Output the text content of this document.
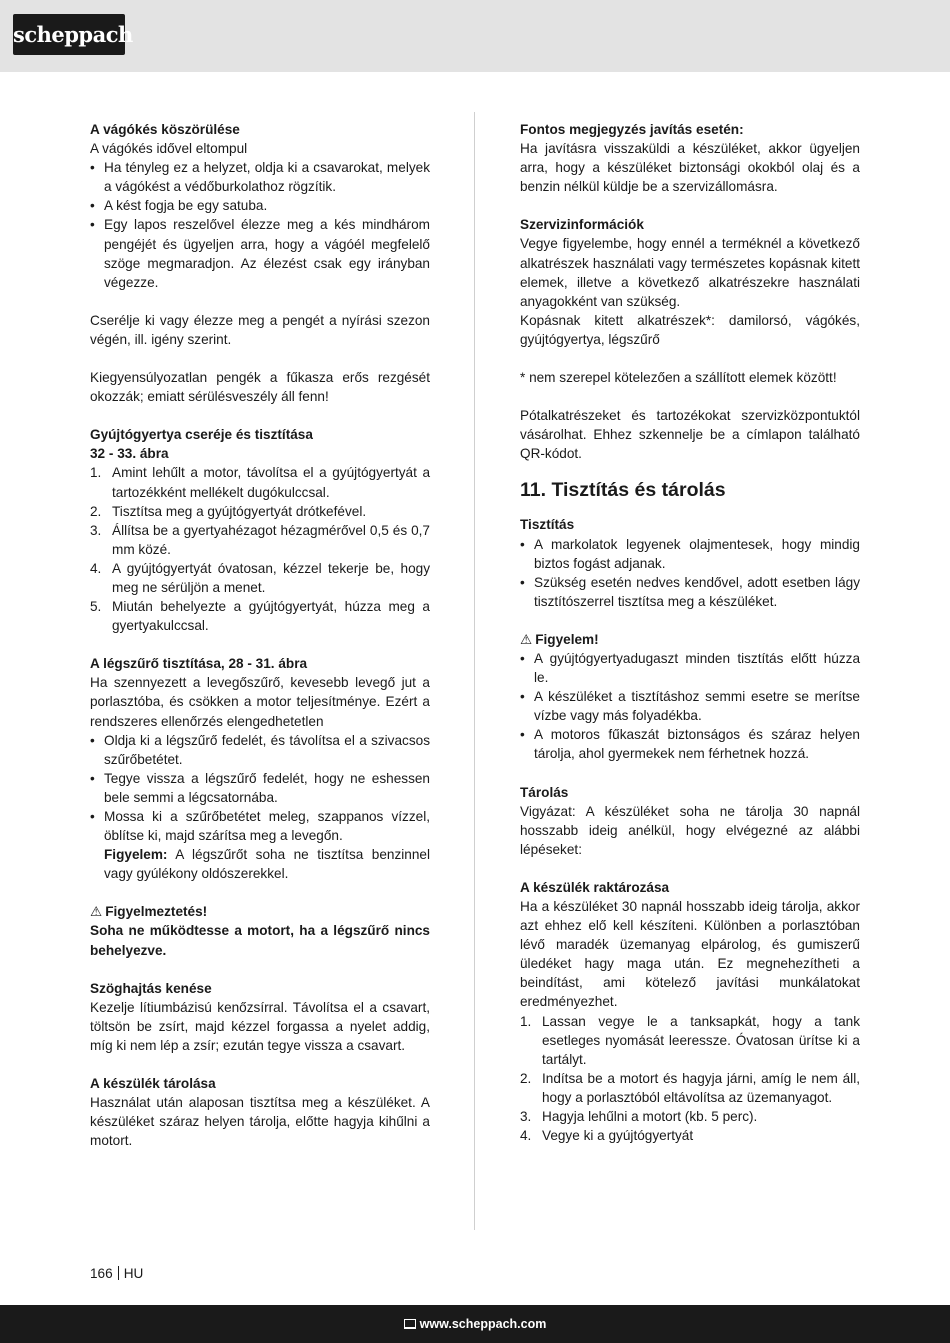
scheppach

A vágókés köszörülése

A vágókés idővel eltompul

• Ha tényleg ez a helyzet, oldja ki a csavarokat, melyek a vágókést a védőburkolathoz rögzítik.
• A kést fogja be egy satuba.
• Egy lapos reszelővel élezze meg a kés mindhárom pengéjét és ügyeljen arra, hogy a vágóél megfelelő szöge megmaradjon. Az élezést csak egy irányban végezze.

Cserélje ki vagy élezze meg a pengét a nyírási szezon végén, ill. igény szerint.

Kiegyensúlyozatlan pengék a fűkasza erős rezgését okozzák; emiatt sérülésveszély áll fenn!

Gyújtógyertya cseréje és tisztítása

32 - 33. ábra

1. Amint lehűlt a motor, távolítsa el a gyújtógyertyát a tartozékként mellékelt dugókulccsal.
2. Tisztítsa meg a gyújtógyertyát drótkefével.
3. Állítsa be a gyertyahézagot hézagmérővel 0,5 és 0,7 mm közé.
4. A gyújtógyertyát óvatosan, kézzel tekerje be, hogy meg ne sérüljön a menet.
5. Miután behelyezte a gyújtógyertyát, húzza meg a gyertyakulccsal.

A légszűrő tisztítása, 28 - 31. ábra

Ha szennyezett a levegőszűrő, kevesebb levegő jut a porlasztóba, és csökken a motor teljesítménye. Ezért a rendszeres ellenőrzés elengedhetetlen

• Oldja ki a légszűrő fedelét, és távolítsa el a szivacsos szűrőbetétet.
• Tegye vissza a légszűrő fedelét, hogy ne eshessen bele semmi a légcsatornába.
• Mossa ki a szűrőbetétet meleg, szappanos vízzel, öblítse ki, majd szárítsa meg a levegőn.

Figyelem: A légszűrőt soha ne tisztítsa benzinnel vagy gyúlékony oldószerekkel.

⚠ Figyelmeztetés!

Soha ne működtesse a motort, ha a légszűrő nincs behelyezve.

Szöghajtás kenése

Kezelje lítiumbázisú kenőzsírral. Távolítsa el a csavart, töltsön be zsírt, majd kézzel forgassa a nyelet addig, míg ki nem lép a zsír; ezután tegye vissza a csavart.

A készülék tárolása

Használat után alaposan tisztítsa meg a készüléket. A készüléket száraz helyen tárolja, előtte hagyja kihűlni a motort.

Fontos megjegyzés javítás esetén:

Ha javításra visszaküldi a készüléket, akkor ügyeljen arra, hogy a készüléket biztonsági okokból olaj és a benzin nélkül küldje be a szervizállomásra.

Szervizinformációk

Vegye figyelembe, hogy ennél a terméknél a következő alkatrészek használati vagy természetes kopásnak kitett elemek, illetve a következő alkatrészekre használati anyagokként van szükség.

Kopásnak kitett alkatrészek*: damilorsó, vágókés, gyújtógyertya, légszűrő

* nem szerepel kötelezően a szállított elemek között!

Pótalkatrészeket és tartozékokat szervizközpontuktól vásárolhat. Ehhez szkennelje be a címlapon található QR-kódot.

11. Tisztítás és tárolás

Tisztítás

• A markolatok legyenek olajmentesek, hogy mindig biztos fogást adjanak.
• Szükség esetén nedves kendővel, adott esetben lágy tisztítószerrel tisztítsa meg a készüléket.

⚠ Figyelem!

• A gyújtógyertyadugaszt minden tisztítás előtt húzza le.
• A készüléket a tisztításhoz semmi esetre se merítse vízbe vagy más folyadékba.
• A motoros fűkaszát biztonságos és száraz helyen tárolja, ahol gyermekek nem férhetnek hozzá.

Tárolás

Vigyázat: A készüléket soha ne tárolja 30 napnál hosszabb ideig anélkül, hogy elvégezné az alábbi lépéseket:

A készülék raktározása

Ha a készüléket 30 napnál hosszabb ideig tárolja, akkor azt ehhez elő kell készíteni. Különben a porlasztóban lévő maradék üzemanyag elpárolog, és gumiszerű üledéket hagy maga után. Ez megnehezítheti a beindítást, ami kötelező javítási munkálatokat eredményezhet.

1. Lassan vegye le a tanksapkát, hogy a tank esetleges nyomását leeressze. Óvatosan ürítse ki a tartályt.
2. Indítsa be a motort és hagyja járni, amíg le nem áll, hogy a porlasztóból eltávolítsa az üzemanyagot.
3. Hagyja lehűlni a motort (kb. 5 perc).
4. Vegye ki a gyújtógyertyát
166 HU
www.scheppach.com
